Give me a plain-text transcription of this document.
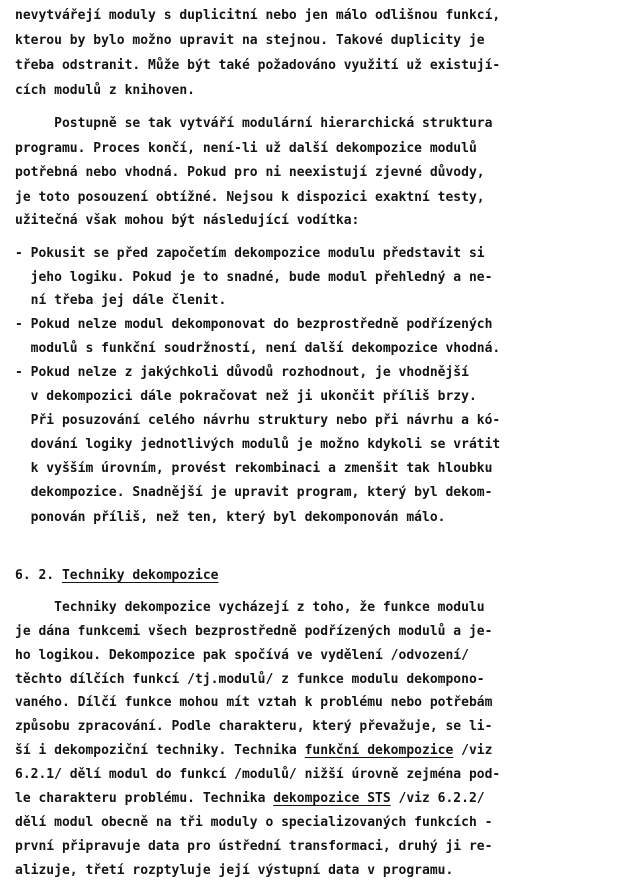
nevytvářejí moduly s duplicitní nebo jen málo odlišnou funkcí,
kterou by bylo možno upravit na stejnou. Takové duplicity je
třeba odstranit. Může být také požadováno využití už existují-
cích modulů z knihoven.
Postupně se tak vytváří modulární hierarchická struktura
programu. Proces končí, není-li už další dekompozice modulů
potřebná nebo vhodná. Pokud pro ni neexistují zjevné důvody,
je toto posouzení obtížné. Nejsou k dispozici exaktní testy,
užitečná však mohou být následující vodítka:
- Pokusit se před započetím dekompozice modulu představit si
jeho logiku. Pokud je to snadné, bude modul přehledný a ne-
ní třeba jej dále členit.
- Pokud nelze modul dekomponovat do bezprostředně podřízených
modulů s funkční soudržností, není další dekompozice vhodná.
- Pokud nelze z jakýchkoli důvodů rozhodnout, je vhodnější
v dekompozici dále pokračovat než ji ukončit příliš brzy.
Při posuzování celého návrhu struktury nebo při návrhu a kó-
dování logiky jednotlivých modulů je možno kdykoli se vrátit
k vyšším úrovním, provést rekombinaci a zmenšit tak hloubku
dekompozice. Snadnější je upravit program, který byl dekom-
ponován příliš, než ten, který byl dekomponován málo.
6. 2. Techniky dekompozice
Techniky dekompozice vycházejí z toho, že funkce modulu
je dána funkcemi všech bezprostředně podřízených modulů a je-
ho logikou. Dekompozice pak spočívá ve vydělení /odvození/
těchto dílčích funkcí /tj.modulů/ z funkce modulu dekompono-
vaného. Dílčí funkce mohou mít vztah k problému nebo potřebám
způsobu zpracování. Podle charakteru, který převažuje, se li-
ší i dekompoziční techniky. Technika funkční dekompozice /viz
6.2.1/ dělí modul do funkcí /modulů/ nižší úrovně zejména pod-
le charakteru problému. Technika dekompozice STS /viz 6.2.2/
dělí modul obecně na tři moduly o specializovaných funkcích -
první připravuje data pro ústřední transformaci, druhý ji re-
alizuje, třetí rozptyluje její výstupní data v programu.
